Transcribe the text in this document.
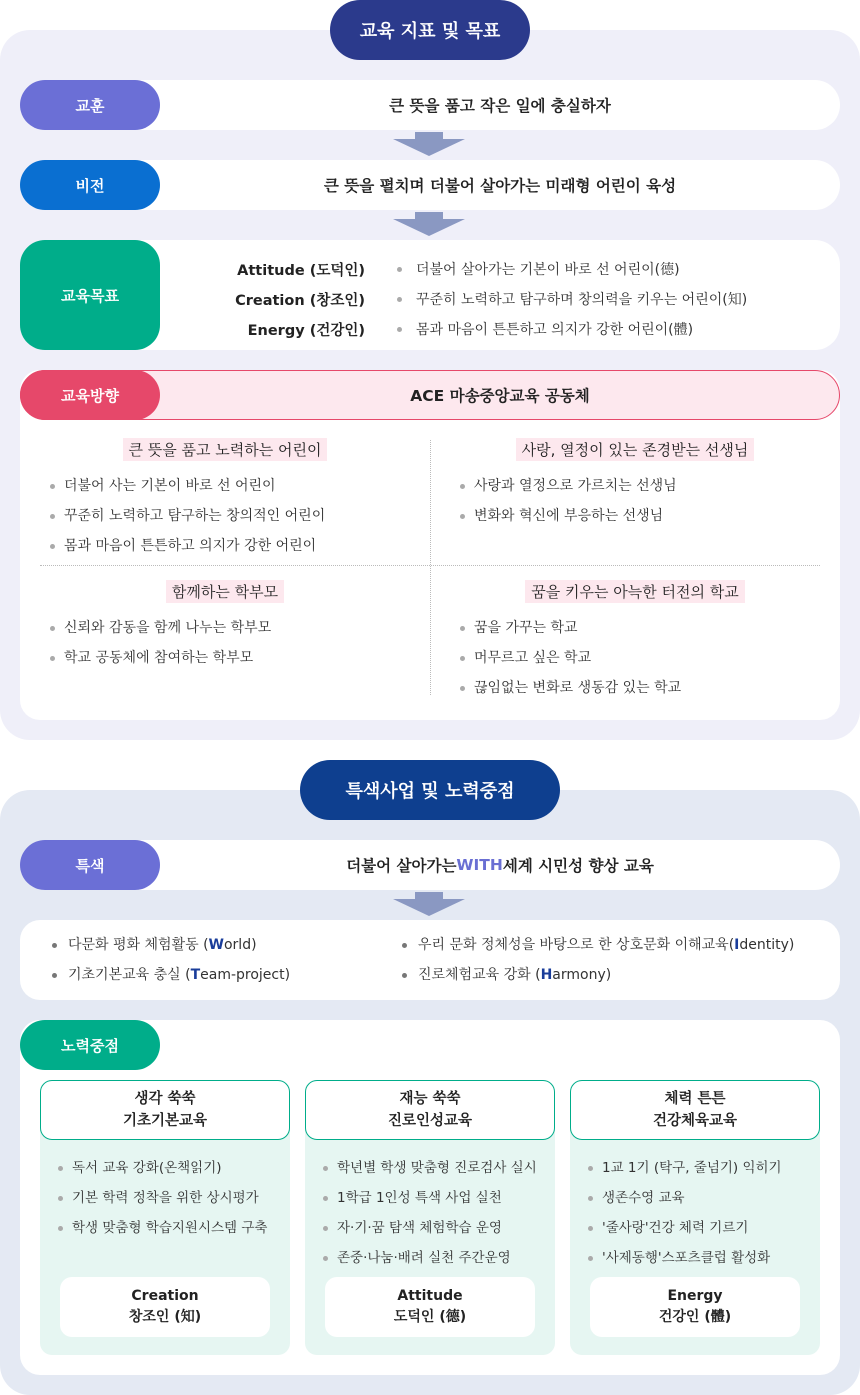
교육 지표 및 목표
교훈	큰 뜻을 품고 작은 일에 충실하자
비전	큰 뜻을 펼치며 더불어 살아가는 미래형 어린이 육성
교육목표
Attitude (도덕인)	더불어 살아가는 기본이 바로 선 어린이(德)
Creation (창조인)	꾸준히 노력하고 탐구하며 창의력을 키우는 어린이(知)
Energy (건강인)	몸과 마음이 튼튼하고 의지가 강한 어린이(體)
교육방향	ACE 마송중앙교육 공동체
큰 뜻을 품고 노력하는 어린이
더불어 사는 기본이 바로 선 어린이
꾸준히 노력하고 탐구하는 창의적인 어린이
몸과 마음이 튼튼하고 의지가 강한 어린이
사랑, 열정이 있는 존경받는 선생님
사랑과 열정으로 가르치는 선생님
변화와 혁신에 부응하는 선생님
함께하는 학부모
신뢰와 감동을 함께 나누는 학부모
학교 공동체에 참여하는 학부모
꿈을 키우는 아늑한 터전의 학교
꿈을 가꾸는 학교
머무르고 싶은 학교
끊임없는 변화로 생동감 있는 학교
특색사업 및 노력중점
특색	더불어 살아가는 WITH 세계 시민성 향상 교육
다문화 평화 체험활동 (World)
기초기본교육 충실 (Team-project)
우리 문화 정체성을 바탕으로 한 상호문화 이해교육(Identity)
진로체험교육 강화 (Harmony)
노력중점
생각 쑥쑥
기초기본교육
독서 교육 강화(온책읽기)
기본 학력 정착을 위한 상시평가
학생 맞춤형 학습지원시스템 구축
Creation
창조인 (知)
재능 쑥쑥
진로인성교육
학년별 학생 맞춤형 진로검사 실시
1학급 1인성 특색 사업 실천
자·기·꿈 탐색 체험학습 운영
존중·나눔·배려 실천 주간운영
Attitude
도덕인 (德)
체력 튼튼
건강체육교육
1교 1기 (탁구, 줄넘기) 익히기
생존수영 교육
'줄사랑'건강 체력 기르기
'사제동행'스포츠클럽 활성화
Energy
건강인 (體)
